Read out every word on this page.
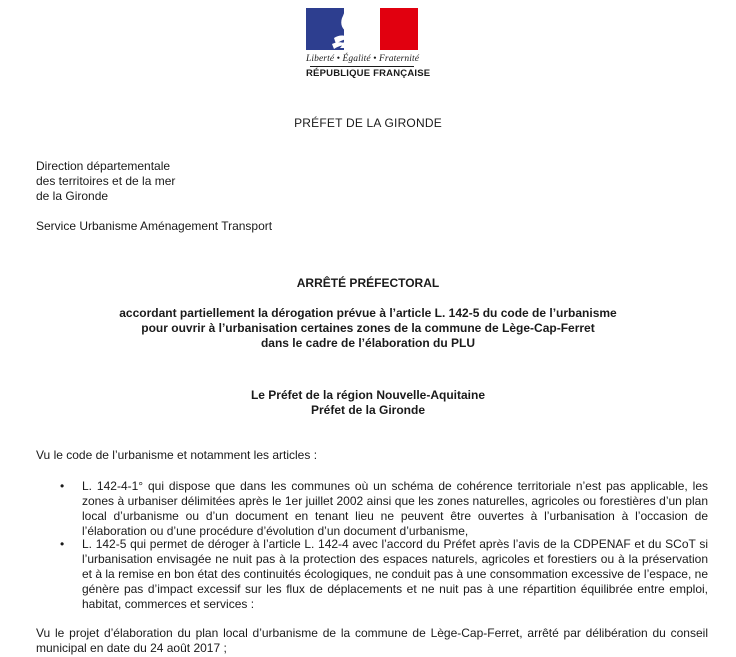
Liberté • Égalité • Fraternité
RÉPUBLIQUE FRANÇAISE
PRÉFET DE LA GIRONDE
Direction départementale
des territoires et de la mer
de la Gironde
Service Urbanisme Aménagement Transport
ARRÊTÉ PRÉFECTORAL
accordant partiellement la dérogation prévue à l’article L. 142-5 du code de l’urbanisme
pour ouvrir à l’urbanisation certaines zones de la commune de Lège-Cap-Ferret
dans le cadre de l’élaboration du PLU
Le Préfet de la région Nouvelle-Aquitaine
Préfet de la Gironde
Vu le code de l’urbanisme et notamment les articles :
• L. 142-4-1° qui dispose que dans les communes où un schéma de cohérence territoriale n’est pas applicable, les zones à urbaniser délimitées après le 1er juillet 2002 ainsi que les zones naturelles, agricoles ou forestières d’un plan local d’urbanisme ou d’un document en tenant lieu ne peuvent être ouvertes à l’urbanisation à l’occasion de l’élaboration ou d’une procédure d’évolution d’un document d’urbanisme,
• L. 142-5 qui permet de déroger à l’article L. 142-4 avec l’accord du Préfet après l’avis de la CDPENAF et du SCoT si l’urbanisation envisagée ne nuit pas à la protection des espaces naturels, agricoles et forestiers ou à la préservation et à la remise en bon état des continuités écologiques, ne conduit pas à une consommation excessive de l’espace, ne génère pas d’impact excessif sur les flux de déplacements et ne nuit pas à une répartition équilibrée entre emploi, habitat, commerces et services :
Vu le projet d’élaboration du plan local d’urbanisme de la commune de Lège-Cap-Ferret, arrêté par délibération du conseil municipal en date du 24 août 2017 ;
